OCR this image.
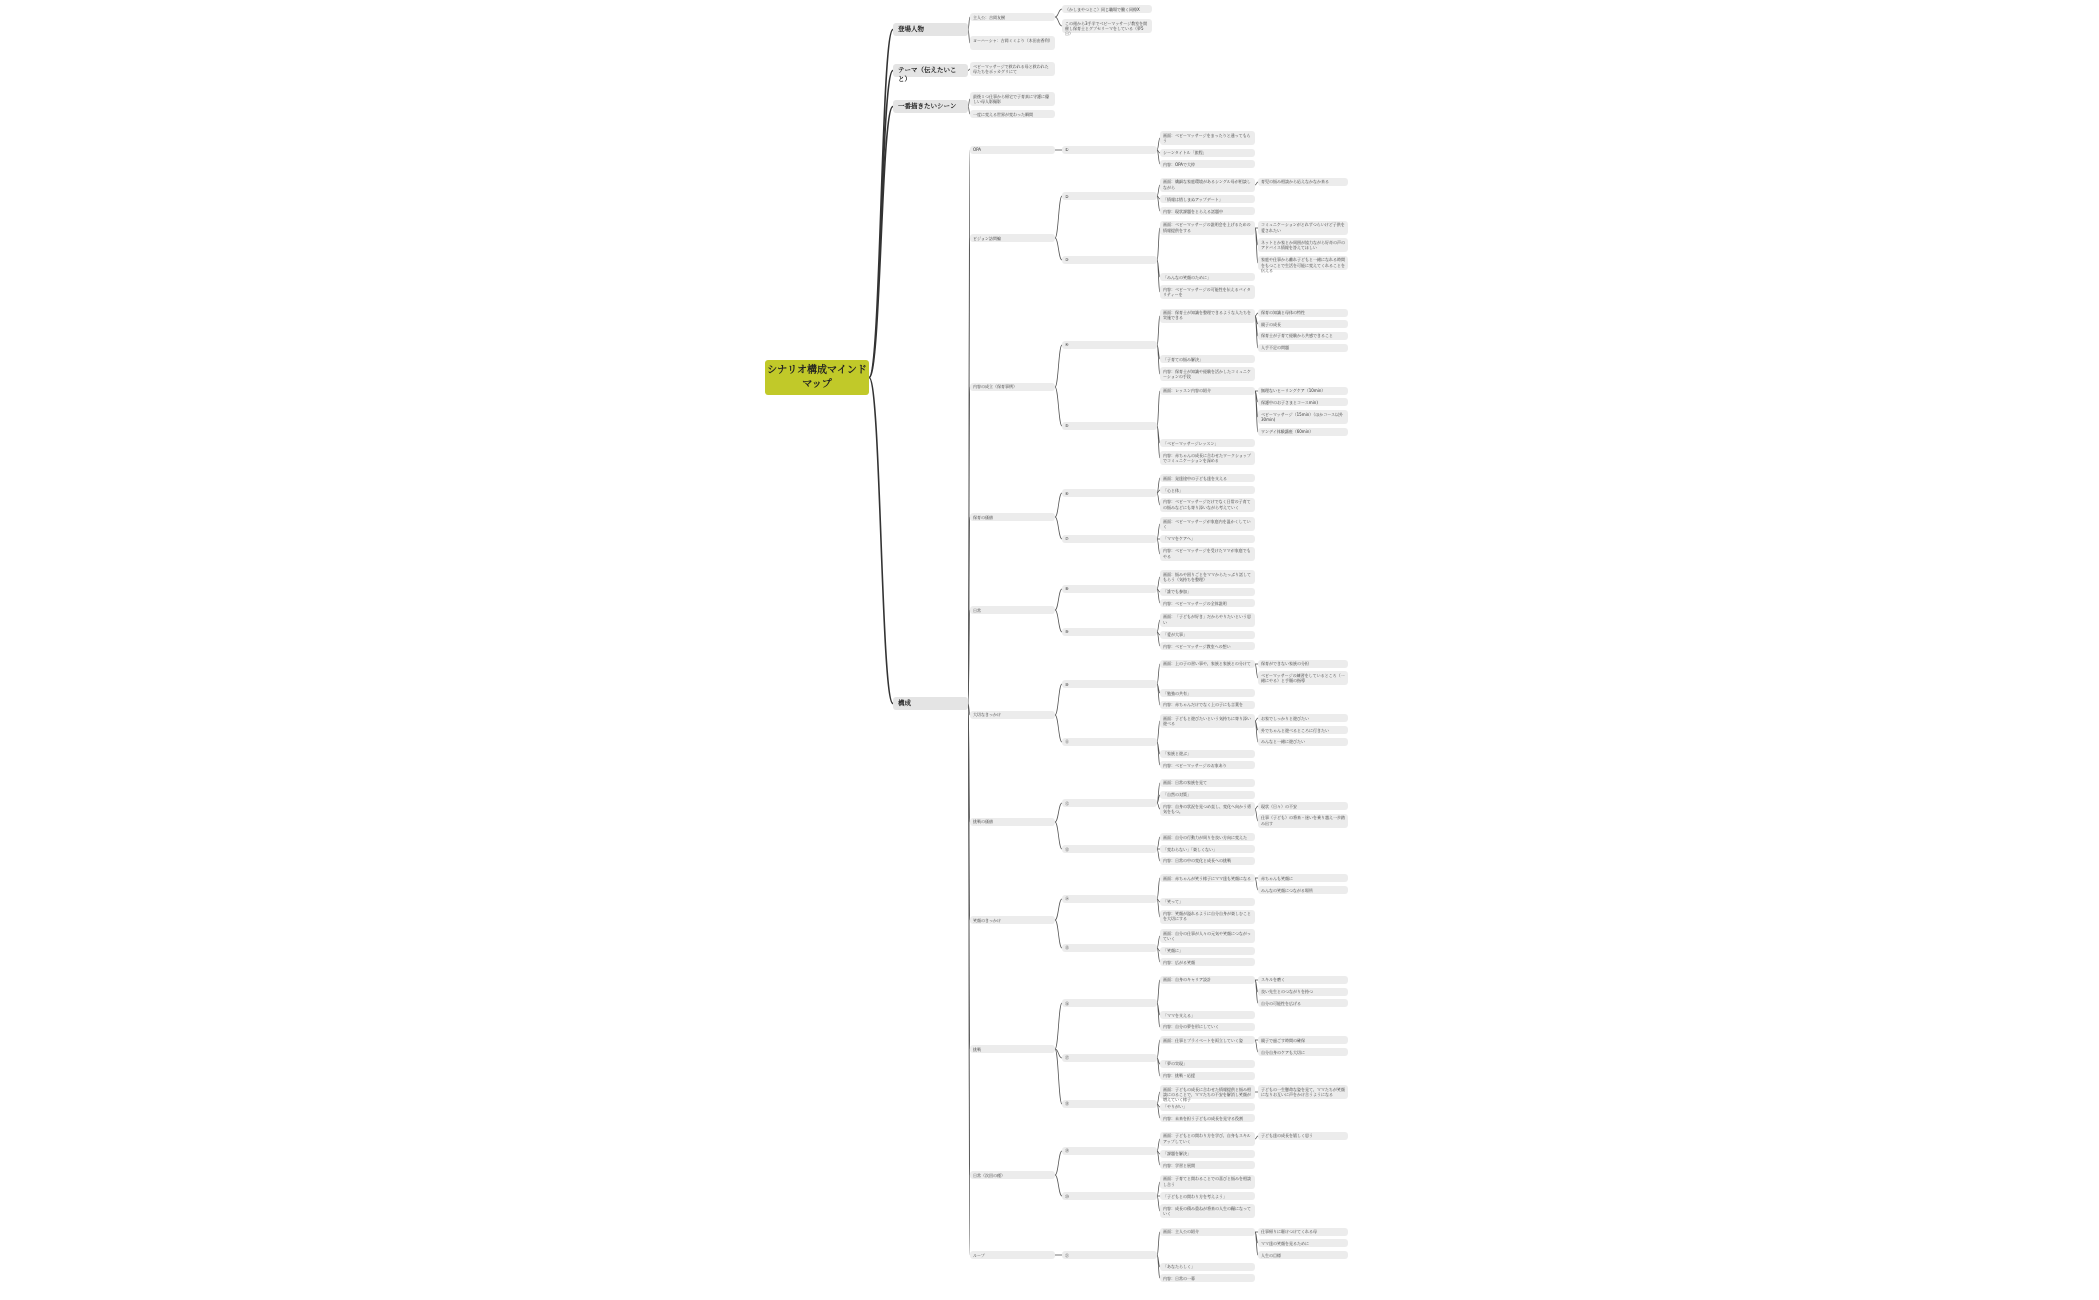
シナリオ構成マインドマップ
登場人物
主人公：吉岡友樹
ヨーハーシャ：吉岡ミミより（木田由香利）
（かしまやつとこ）同じ職場で働く同僚X
この週から3手半でベビーマッサージ教室を開催し保育士とグプセリーマをしている（夢5日）
テーマ（伝えたいこと）
ベビーマッサージで救われる母と救われた母たちをポッカグリにて
一番描きたいシーン
最後１つ仕事から帰宅で子育真に守護に優しい母人影撮影
一度に変える世界が変わった瞬間
画面：ベビーマッサージをまったりと通ってもらう
シーンタイトル「旅程」
内容：OPAで大枠
①
OPA
画面：繊細な家庭環境があるシングル母が相談しながら
育児の悩み相談から応えなかなか来る
「情報は惜しまぬアップデート」
内容：現状課題をとらえる話題中
②
画面：ベビーマッサージの説明会を上げるための情報提供をする
コミュニケーションがとれずつらいけど子供を愛されたい
ネットとか家とか周囲が協力ながら好奇の声のアドバイス情報を答えてほしい
家庭や仕事から離れ子どもと一緒になれる時間をもつことで生活を可能に変えてくれることを伝える
「みんなの笑顔のために」
内容：ベビーマッサージの可能性を伝えるバイタリティーを
③
ビジョン訪問編
画面：保育士が知識を整理できるような人たちを実施できる
保育の知識と母体の特性
親子の成長
保育士が子育て経験から共感できること
人手不足の問題
「子育ての悩み解決」
内容：保育士が知識や経験を活かしたコミュニケーションの手段
④
画面：レッスン内容の紹介	無理ないヒーリングケア（10min）
保護中のお子さまとコースmin)
ベビーマッサージ（15min）（ほかコース以外30min)
ワンデイ体験講座（60min）
「ベビーマッサージレッスン」
内容：赤ちゃんの成長に合わせたワークショップでコミュニケーションを深める
⑤
内容の成立（保育事例）
画面：発達途中の子ども達を支える
「心と体」
内容：ベビーマッサージだけでなく日常の子育ての悩みなどにも寄り添いながら考えていく
⑥
画面：ベビーマッサージが家庭内を温かくしていく
「ママをケアへ」
内容：ベビーマッサージを受けたママが家庭でもやる
⑦
保育の価値
画面：悩みや困りごとをママからたっぷり話してもらう（気持ちを整理）
「誰でも参加」
内容：ベビーマッサージの全体説明
⑧
画面：「子どもが好き」だからやりたいという思い
「愛が大事」
内容：ベビーマッサージ教室への想い
⑨
日常
画面：上の子の習い事や、家族と家族との分けて	保育ができない家族の分担
ベビーマッサージの練習をしているところ（一緒にやる）と手順の指導
「勉強の共有」
内容：赤ちゃんだけでなく上の子にも言葉を
⑩
画面：子どもと遊びたいという気持ちに寄り添い遊べる
お家でしっかりと遊びたい
外でちゃんと遊べるところに行きたい
みんなと一緒に遊びたい
「家族と遊ぶ」
内容：ベビーマッサージのお家あり
⑪
大切なきっかけ
画面：日常の家族を見て
「自然の対策」
内容：自身の状況を見つめ直し、変化へ向かう勇気をもつ。
現状（日々）の不安
仕事（子ども）の将来・迷いを乗り越え一歩踏み出す
⑫
画面：自分の行動力が周りを良い方向に変えた
「変わらない」「楽しくない」
内容：日常の中の変化と成長への挑戦
⑬
挑戦の価値
画面：赤ちゃんが笑う様子にママ達も笑顔になる	赤ちゃんも笑顔に
みんなの笑顔につながる場所
「笑って」
内容：笑顔が溢れるように自分自身が楽しむことを大切にする
⑭
画面：自分の仕事が人々の元気や笑顔につながっていく
「笑顔に」
内容：広がる笑顔
⑮
笑顔のきっかけ
画面：自身のキャリア設計	スキルを磨く
良い先生とのつながりを持つ
自分の可能性を広げる
「ママを支える」
内容：自分の夢を形にしていく
⑯
画面：仕事とプライベートを両立していく姿	親子で過ごす時間の確保
自分自身のケアも大切に
「夢の実現」
内容：挑戦・応援
⑰
画面：子どもの成長に合わせた情報提供と悩み相談にのることで、ママたちの不安を解消し笑顔が増えていく様子
子どもの一生懸命な姿を見て、ママたちが笑顔になりお互いに声をかけ合うようになる
「やりがい」
内容：未来を担う子どもの成長を見守る役割
⑱
挑戦
画面：子どもとの関わり方を学び、自身もスキルアップしていく
子ども達の成長を嬉しく思う
「課題を解決」
内容：学習と展開
⑲
画面：子育てと関わることでの喜びと悩みを相談し合う
「子どもとの関わり方を考えよう」
内容：成長の積み重ねが将来の人生の糧になっていく
⑳
日常（次回の種）
画面：主人公の紹介	仕事帰りに駆けつけてくれる母
ママ達の笑顔を見るために
人生の目標
「あなたらしく」
内容：日常の一幕
㉑
ループ
構成
